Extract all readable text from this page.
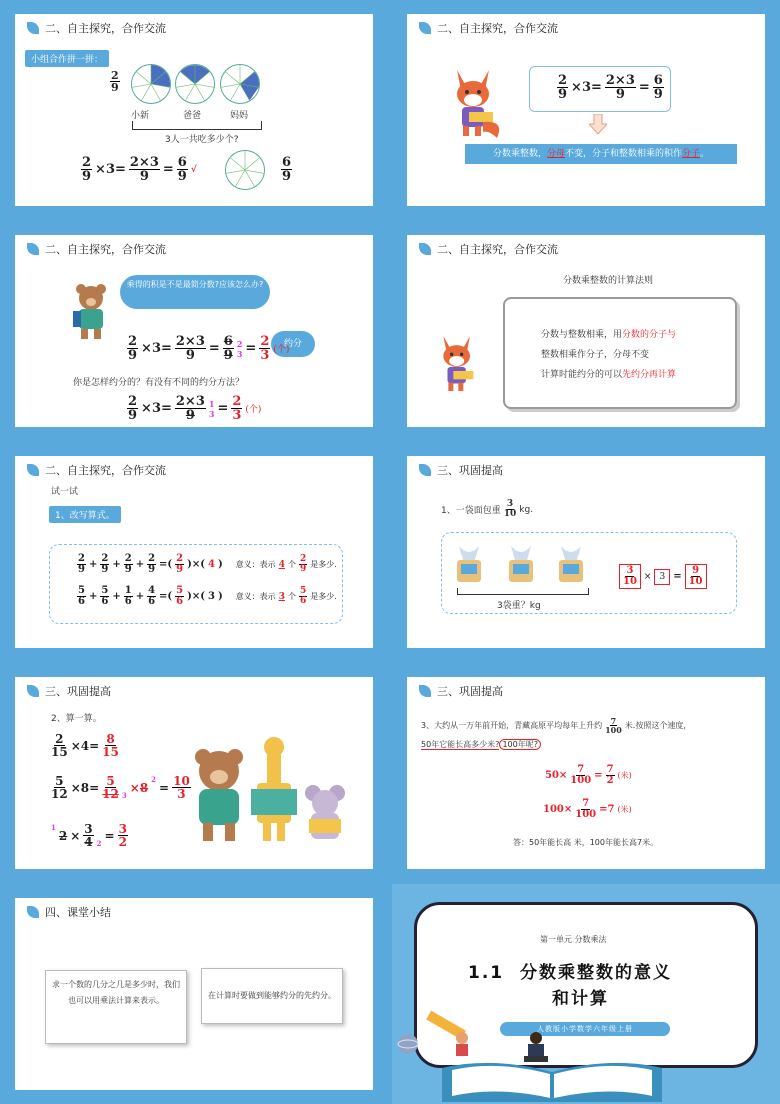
二、自主探究，合作交流
小组合作拼一拼：
$\frac{2}{9}$
小新	爸爸	妈妈
3人一共吃多少个?
$\frac{2}{9} \times 3= \frac{2\times 3}{9} = \frac{6}{9}$ √	$\frac{6}{9}$
二、自主探究，合作交流
$\frac{2}{9} \times 3= \frac{2\times 3}{9} = \frac{6}{9}$
分数乘整数，分母不变，分子和整数相乘的积作分子。
二、自主探究，合作交流
乘得的积是不是最简分数?应该怎么办?
约分
$\frac{2}{9} \times 3= \frac{2\times 3}{9} = \frac{6}{9} 2$
$3 = \frac{2}{3}$ (个)
你是怎样约分的？有没有不同的约分方法？
$\frac{2}{9} \times 3= \frac{2\times 3}{9} 1$
$3 = \frac{2}{3}$ (个)
二、自主探究，合作交流
分数乘整数的计算法则
分数与整数相乘，用分数的分子与
整数相乘作分子，分母不变
计算时能约分的可以先约分再计算
二、自主探究，合作交流
试一试
1、改写算式。
$\frac{2}{9} + \frac{2}{9} + \frac{2}{9} + \frac{2}{9}$ =( $\frac{2}{9}$ )×( 4 ) 意义：表示 4 个 $\frac{2}{9}$ 是多少.
$\frac{5}{6} + \frac{5}{6} + \frac{1}{6} + \frac{4}{6}$ =( $\frac{5}{6}$ )×( 3 ) 意义：表示 3 个 $\frac{5}{6}$ 是多少.
三、巩固提高
1、一袋面包重 $\frac{3}{10}$ kg.
3袋重？kg
$\frac{3}{10} \times 3 = \frac{9}{10}$
三、巩固提高
2、算一算。
$\frac{2}{15} \times 4= \frac{8}{15}$
$\frac{5}{12} \times 8= \frac{5}{12} 3$
×8
2
= $\frac{10}{3}$
1
$2 \times \frac{3}{4} 2$
= $\frac{3}{2}$
三、巩固提高
3、大约从一万年前开始，青藏高原平均每年上升约 $\frac{7}{100}$ 米.按照这个速度，
50年它能长高多少米? 100年呢?
$50\times \frac{7}{100} = \frac{7}{2}$ (米)
$100\times \frac{7}{100} =7$ (米)
答：50年能长高 米，100年能长高7米。
四、课堂小结
求一个数的几分之几是多少时，我们也可以用乘法计算来表示。
在计算时要做到能够约分的先约分。
第一单元 分数乘法
1.1 分数乘整数的意义
和计算
人教版小学数学六年级上册
